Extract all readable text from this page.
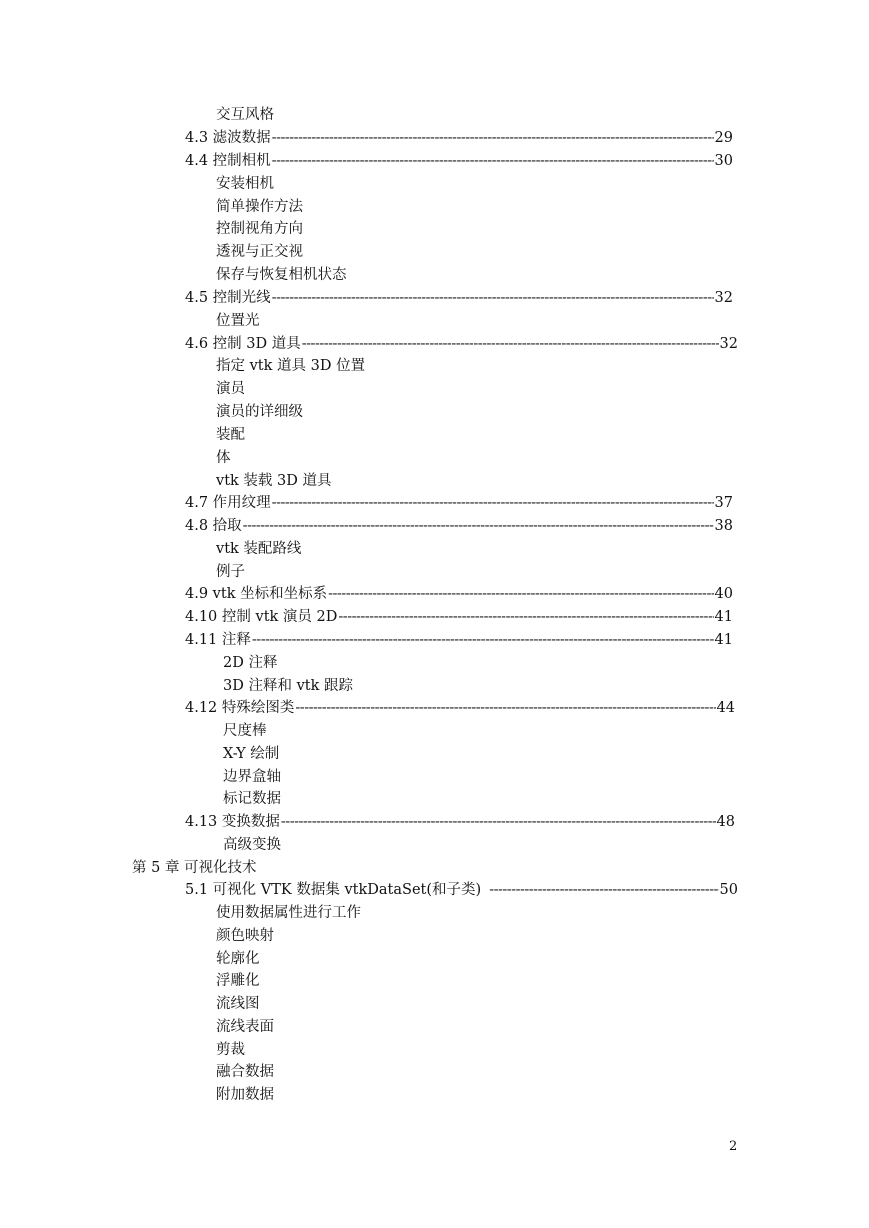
交互风格
4.3 滤波数据 -----	29
4.4 控制相机 -----	30
安装相机
简单操作方法
控制视角方向
透视与正交视
保存与恢复相机状态
4.5 控制光线 -----	32
位置光
4.6 控制 3D 道具 -----	32
指定 vtk 道具 3D 位置
演员
演员的详细级
装配
体
vtk 装载 3D 道具
4.7 作用纹理 -----	37
4.8 拾取 -----	38
vtk 装配路线
例子
4.9 vtk 坐标和坐标系 -----	40
4.10 控制 vtk 演员 2D -----	41
4.11 注释 -----	41
2D 注释
3D 注释和 vtk 跟踪
4.12 特殊绘图类 -----	44
尺度棒
X-Y 绘制
边界盒轴
标记数据
4.13 变换数据 -----	48
高级变换
第 5 章 可视化技术
5.1 可视化 VTK 数据集 vtkDataSet(和子类) -----	50
使用数据属性进行工作
颜色映射
轮廓化
浮雕化
流线图
流线表面
剪裁
融合数据
附加数据
2
